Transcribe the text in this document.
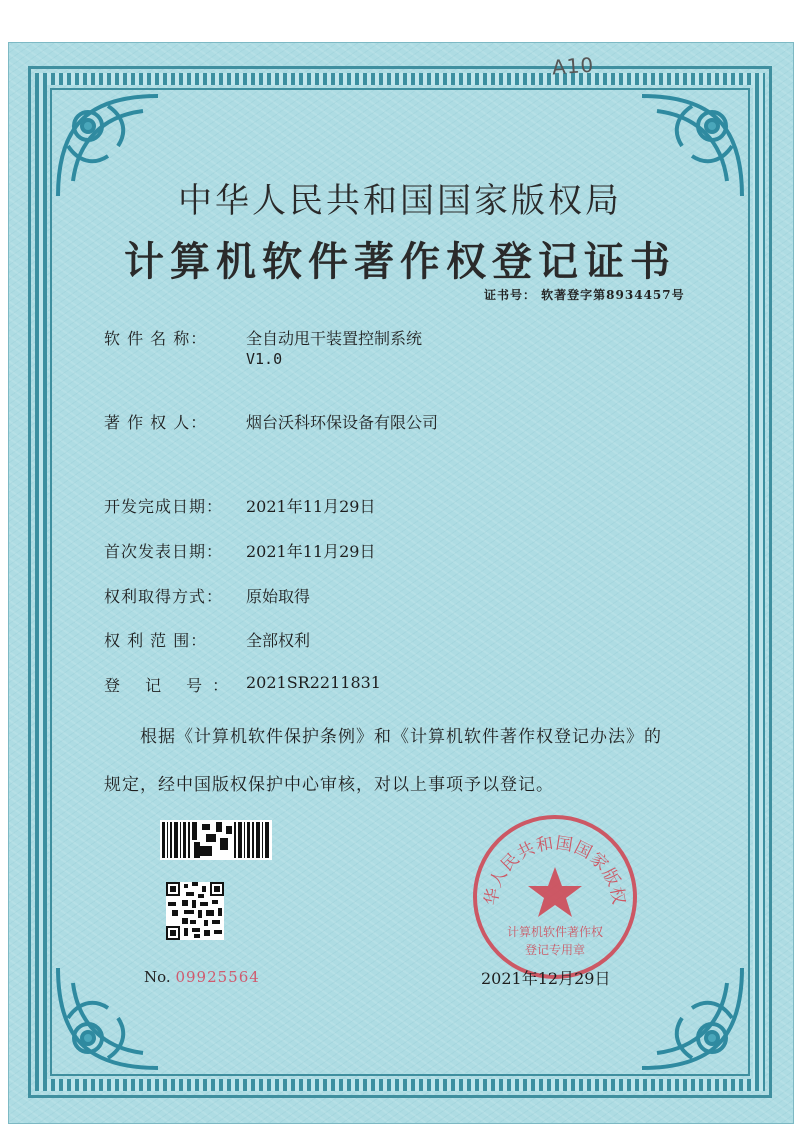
A10
中华人民共和国国家版权局
计算机软件著作权登记证书
证书号： 软著登字第8934457号
软 件 名 称： 全自动甩干装置控制系统
V1.0
著 作 权 人： 烟台沃科环保设备有限公司
开发完成日期： 2021年11月29日
首次发表日期： 2021年11月29日
权利取得方式： 原始取得
权 利 范 围： 全部权利
登 记 号： 2021SR2211831
根据《计算机软件保护条例》和《计算机软件著作权登记办法》的
规定，经中国版权保护中心审核，对以上事项予以登记。
No. 09925564
华人民共和国国家版权
计算机软件著作权
登记专用章
2021年12月29日
